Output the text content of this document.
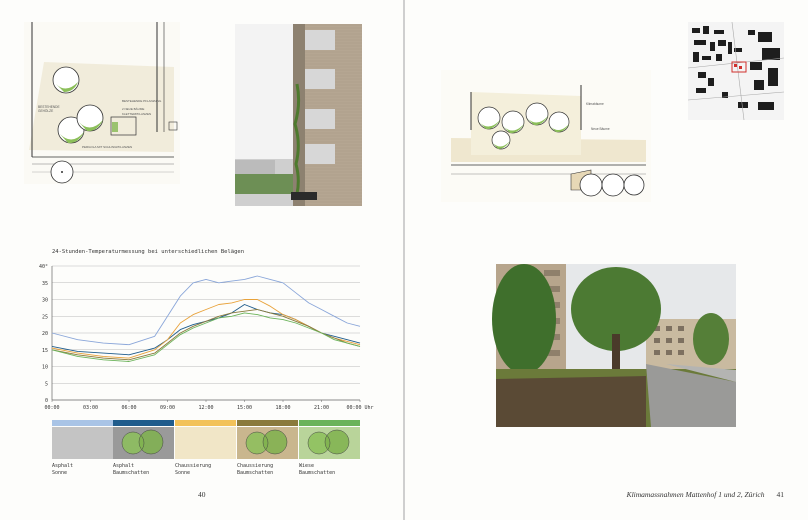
BESTEHENDE
GEHÖLZE
BESTEHENDE PFLANZUNG
2 NEUE BÄUME
KLETTERPFLANZEN
PERGOLA MIT SCHLINGPFLANZEN
24-Stunden-Temperaturmessung bei unterschiedlichen Belägen
0
5
10
15
20
25
30
35
40°
00:00	03:00	06:00	09:00	12:00	15:00	18:00	21:00	00:00 Uhr
Asphalt
Sonne
Asphalt
Baumschatten
Chaussierung
Sonne
Chaussierung
Baumschatten
Wiese
Baumschatten
40
Klimabäume
Neue Bäume
Klimamassnahmen Mattenhof 1 und 2, Zürich 41
